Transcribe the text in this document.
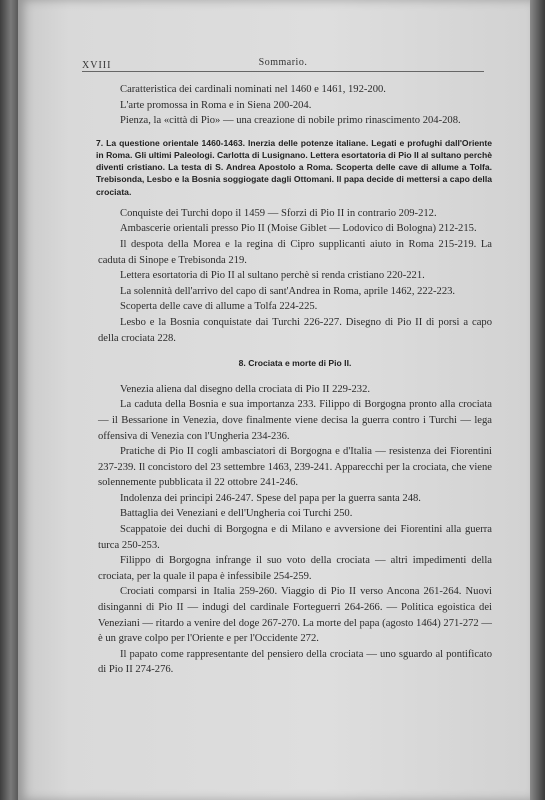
XVIII	Sommario.

Caratteristica dei cardinali nominati nel 1460 e 1461, 192-200.

L'arte promossa in Roma e in Siena 200-204.

Pienza, la «città di Pio» — una creazione di nobile primo rinascimento 204-208.

7. La questione orientale 1460-1463. Inerzia delle potenze italiane. Legati e profughi dall'Oriente in Roma. Gli ultimi Paleologi. Carlotta di Lusignano. Lettera esortatoria di Pio II al sultano perchè diventi cristiano. La testa di S. Andrea Apostolo a Roma. Scoperta delle cave di allume a Tolfa. Trebisonda, Lesbo e la Bosnia soggiogate dagli Ottomani. Il papa decide di mettersi a capo della crociata.

Conquiste dei Turchi dopo il 1459 — Sforzi di Pio II in contrario 209-212.

Ambascerie orientali presso Pio II (Moise Giblet — Lodovico di Bologna) 212-215.

Il despota della Morea e la regina di Cipro supplicanti aiuto in Roma 215-219. La caduta di Sinope e Trebisonda 219.

Lettera esortatoria di Pio II al sultano perchè si renda cristiano 220-221.

La solennità dell'arrivo del capo di sant'Andrea in Roma, aprile 1462, 222-223.

Scoperta delle cave di allume a Tolfa 224-225.

Lesbo e la Bosnia conquistate dai Turchi 226-227. Disegno di Pio II di porsi a capo della crociata 228.

8. Crociata e morte di Pio II.

Venezia aliena dal disegno della crociata di Pio II 229-232.

La caduta della Bosnia e sua importanza 233. Filippo di Borgogna pronto alla crociata — il Bessarione in Venezia, dove finalmente viene decisa la guerra contro i Turchi — lega offensiva di Venezia con l'Ungheria 234-236.

Pratiche di Pio II cogli ambasciatori di Borgogna e d'Italia — resistenza dei Fiorentini 237-239. Il concistoro del 23 settembre 1463, 239-241. Apparecchi per la crociata, che viene solennemente pubblicata il 22 ottobre 241-246.

Indolenza dei principi 246-247. Spese del papa per la guerra santa 248.

Battaglia dei Veneziani e dell'Ungheria coi Turchi 250.

Scappatoie dei duchi di Borgogna e di Milano e avversione dei Fiorentini alla guerra turca 250-253.

Filippo di Borgogna infrange il suo voto della crociata — altri impedimenti della crociata, per la quale il papa è infessibile 254-259.

Crociati comparsi in Italia 259-260. Viaggio di Pio II verso Ancona 261-264. Nuovi disinganni di Pio II — indugi del cardinale Forteguerri 264-266. — Politica egoistica dei Veneziani — ritardo a venire del doge 267-270. La morte del papa (agosto 1464) 271-272 — è un grave colpo per l'Oriente e per l'Occidente 272.

Il papato come rappresentante del pensiero della crociata — uno sguardo al pontificato di Pio II 274-276.
